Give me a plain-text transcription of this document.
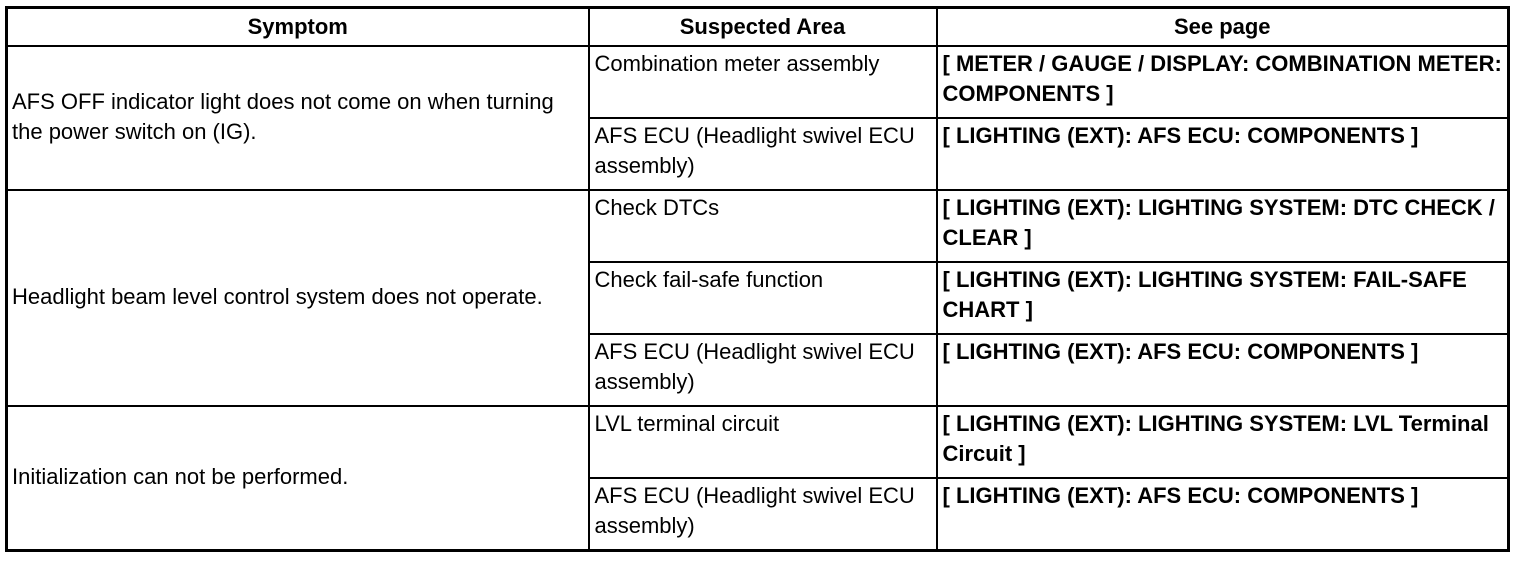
Symptom	Suspected Area	See page
AFS OFF indicator light does not come on when turning the power switch on (IG).	Combination meter assembly	[ METER / GAUGE / DISPLAY: COMBINATION METER: COMPONENTS ]
	AFS ECU (Headlight swivel ECU assembly)	[ LIGHTING (EXT): AFS ECU: COMPONENTS ]
Headlight beam level control system does not operate.	Check DTCs	[ LIGHTING (EXT): LIGHTING SYSTEM: DTC CHECK / CLEAR ]
	Check fail-safe function	[ LIGHTING (EXT): LIGHTING SYSTEM: FAIL-SAFE CHART ]
	AFS ECU (Headlight swivel ECU assembly)	[ LIGHTING (EXT): AFS ECU: COMPONENTS ]
Initialization can not be performed.	LVL terminal circuit	[ LIGHTING (EXT): LIGHTING SYSTEM: LVL Terminal Circuit ]
	AFS ECU (Headlight swivel ECU assembly)	[ LIGHTING (EXT): AFS ECU: COMPONENTS ]
